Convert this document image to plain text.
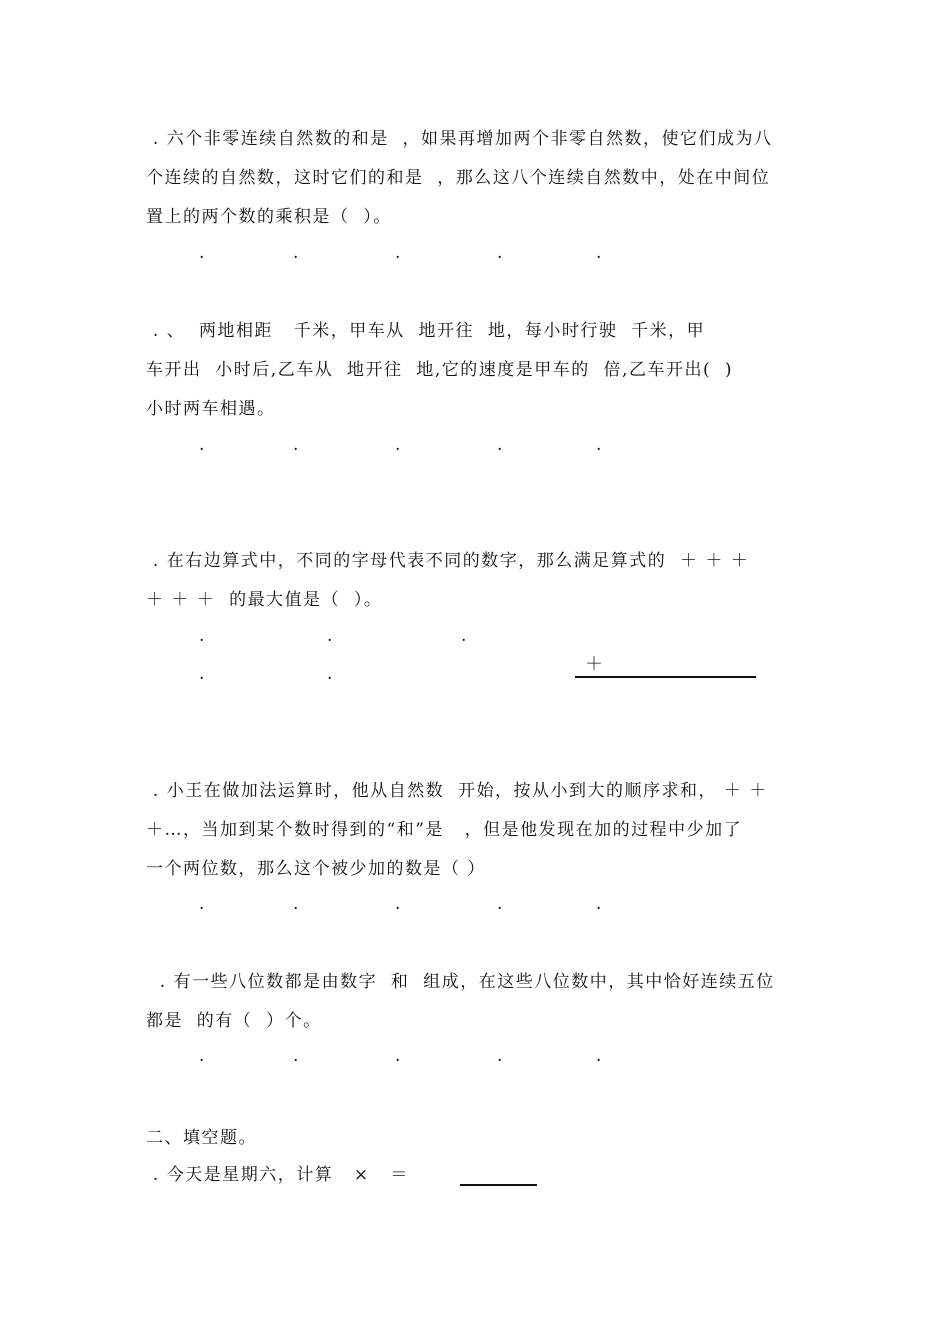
. 六个非零连续自然数的和是  ，如果再增加两个非零自然数，使它们成为八
个连续的自然数，这时它们的和是  ，那么这八个连续自然数中，处在中间位
置上的两个数的乘积是（  ）。
.	.	.	.	.
. 、  两地相距   千米，甲车从  地开往  地，每小时行驶  千米，甲
车开出  小时后,乙车从  地开往  地,它的速度是甲车的  倍,乙车开出(  )
小时两车相遇。
.	.	.	.	.
. 在右边算式中，不同的字母代表不同的数字，那么满足算式的  ＋ ＋ ＋
＋ ＋ ＋  的最大值是（  ）。
.	.	.
.	.	＋
. 小王在做加法运算时，他从自然数  开始，按从小到大的顺序求和， ＋ ＋
＋…，当加到某个数时得到的“和”是   ，但是他发现在加的过程中少加了
一个两位数，那么这个被少加的数是（ ）
.	.	.	.	.
. 有一些八位数都是由数字  和  组成，在这些八位数中，其中恰好连续五位
都是  的有（  ）个。
.	.	.	.	.
二、填空题。
. 今天是星期六，计算   ×   ＝
